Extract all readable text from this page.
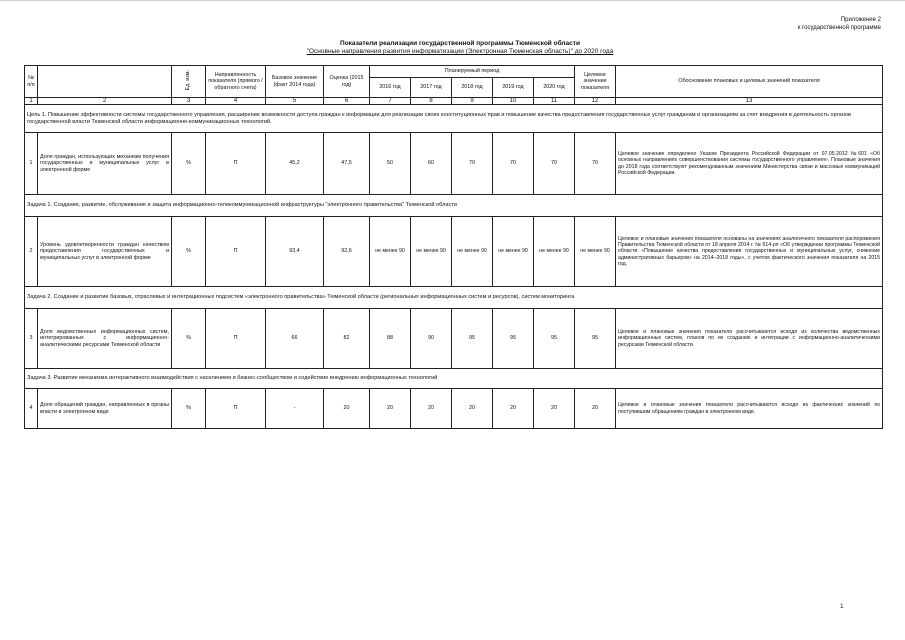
Приложение 2
к государственной программе
Показатели реализации государственной программы Тюменской области
"Основные направления развития информатизации (Электронная Тюменская область)" до 2020 года
№ п/п		Ед. изм.	Направленность показателя (прямого / обратного счета)	Базовое значение (факт 2014 года)	Оценка (2015 год)	Планируемый период					Целевое значение показателя	Обоснование плановых и целевых значений показателя
						2016 год	2017 год	2018 год	2019 год	2020 год		
1	2	3	4	5	6	7	8	9	10	11	12	13
Цель 1. Повышение эффективности системы государственного управления, расширение возможности доступа граждан к информации для реализации своих конституционных прав и повышение качества предоставления государственных услуг гражданам и организациям за счет внедрения в деятельность органов государственной власти Тюменской области информационно-коммуникационных технологий.												
1	Доля граждан, использующих механизм получения государственных и муниципальных услуг в электронной форме	%	П	45,2	47,5	50	60	70	70	70	70	Целевое значение определено Указом Президента Российской Федерации от 07.05.2012 №601 «Об основных направлениях совершенствования системы государственного управления». Плановые значения до 2018 года соответствуют рекомендованным значениям Министерства связи и массовых коммуникаций Российской Федерации.
Задача 1. Создание, развитие, обслуживание и защита информационно-телекоммуникационной инфраструктуры "электронного правительства" Тюменской области												
2	Уровень удовлетворенности граждан качеством предоставления государственных и муниципальных услуг в электронной форме	%	П	93,4	92,6	не менее 90	не менее 90	не менее 90	не менее 90	не менее 90	не менее 90	Целевое и плановые значения показателя основаны на значениях аналогичного показателя распоряжения Правительства Тюменской области от 18 апреля 2014 г. № 514-рп «Об утверждении программы Тюменской области «Повышение качества предоставления государственных и муниципальных услуг, снижение административных барьеров» на 2014–2018 годы», с учетом фактического значения показателя на 2015 год.
Задача 2. Создание и развитие базовых, отраслевых и интеграционных подсистем «электронного правительства» Тюменской области (региональных информационных систем и ресурсов), систем мониторинга												
3	Доля ведомственных информационных систем, интегрированных с информационно-аналитическими ресурсами Тюменской области	%	П	66	82	88	90	95	95	95	95	Целевое и плановые значения показателя рассчитываются исходя из количества ведомственных информационных систем, планов по их созданию и интеграции с информационно-аналитическими ресурсами Тюменской области.
Задача 3. Развитие механизма интерактивного взаимодействия с населением и бизнес-сообществом и содействие внедрению информационных технологий												
4	Доля обращений граждан, направленных в органы власти в электронном виде	%	П	-	20	20	20	20	20	20	20	Целевое и плановые значения показателя рассчитываются исходя из фактических значений по поступившим обращениям граждан в электронном виде.
1
